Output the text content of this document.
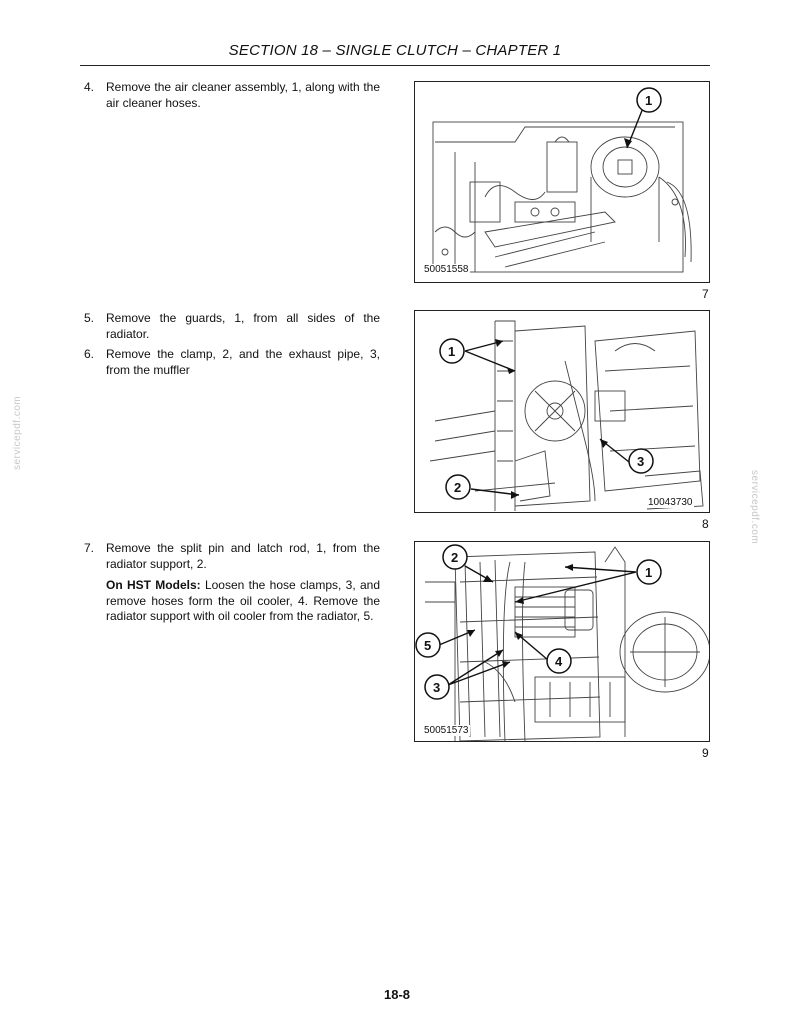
SECTION 18 – SINGLE CLUTCH – CHAPTER 1
servicepdf.com
servicepdf.com
4. Remove the air cleaner assembly, 1, along with the air cleaner hoses.	1
50051558
7
5. Remove the guards, 1, from all sides of the radiator.
6. Remove the clamp, 2, and the exhaust pipe, 3, from the muffler
1
2
3
10043730
8
7. Remove the split pin and latch rod, 1, from the radiator support, 2.
On HST Models: Loosen the hose clamps, 3, and remove hoses form the oil cooler, 4. Remove the radiator support with oil cooler from the radiator, 5.
2
1
5
4
3
50051573
9
18-8
